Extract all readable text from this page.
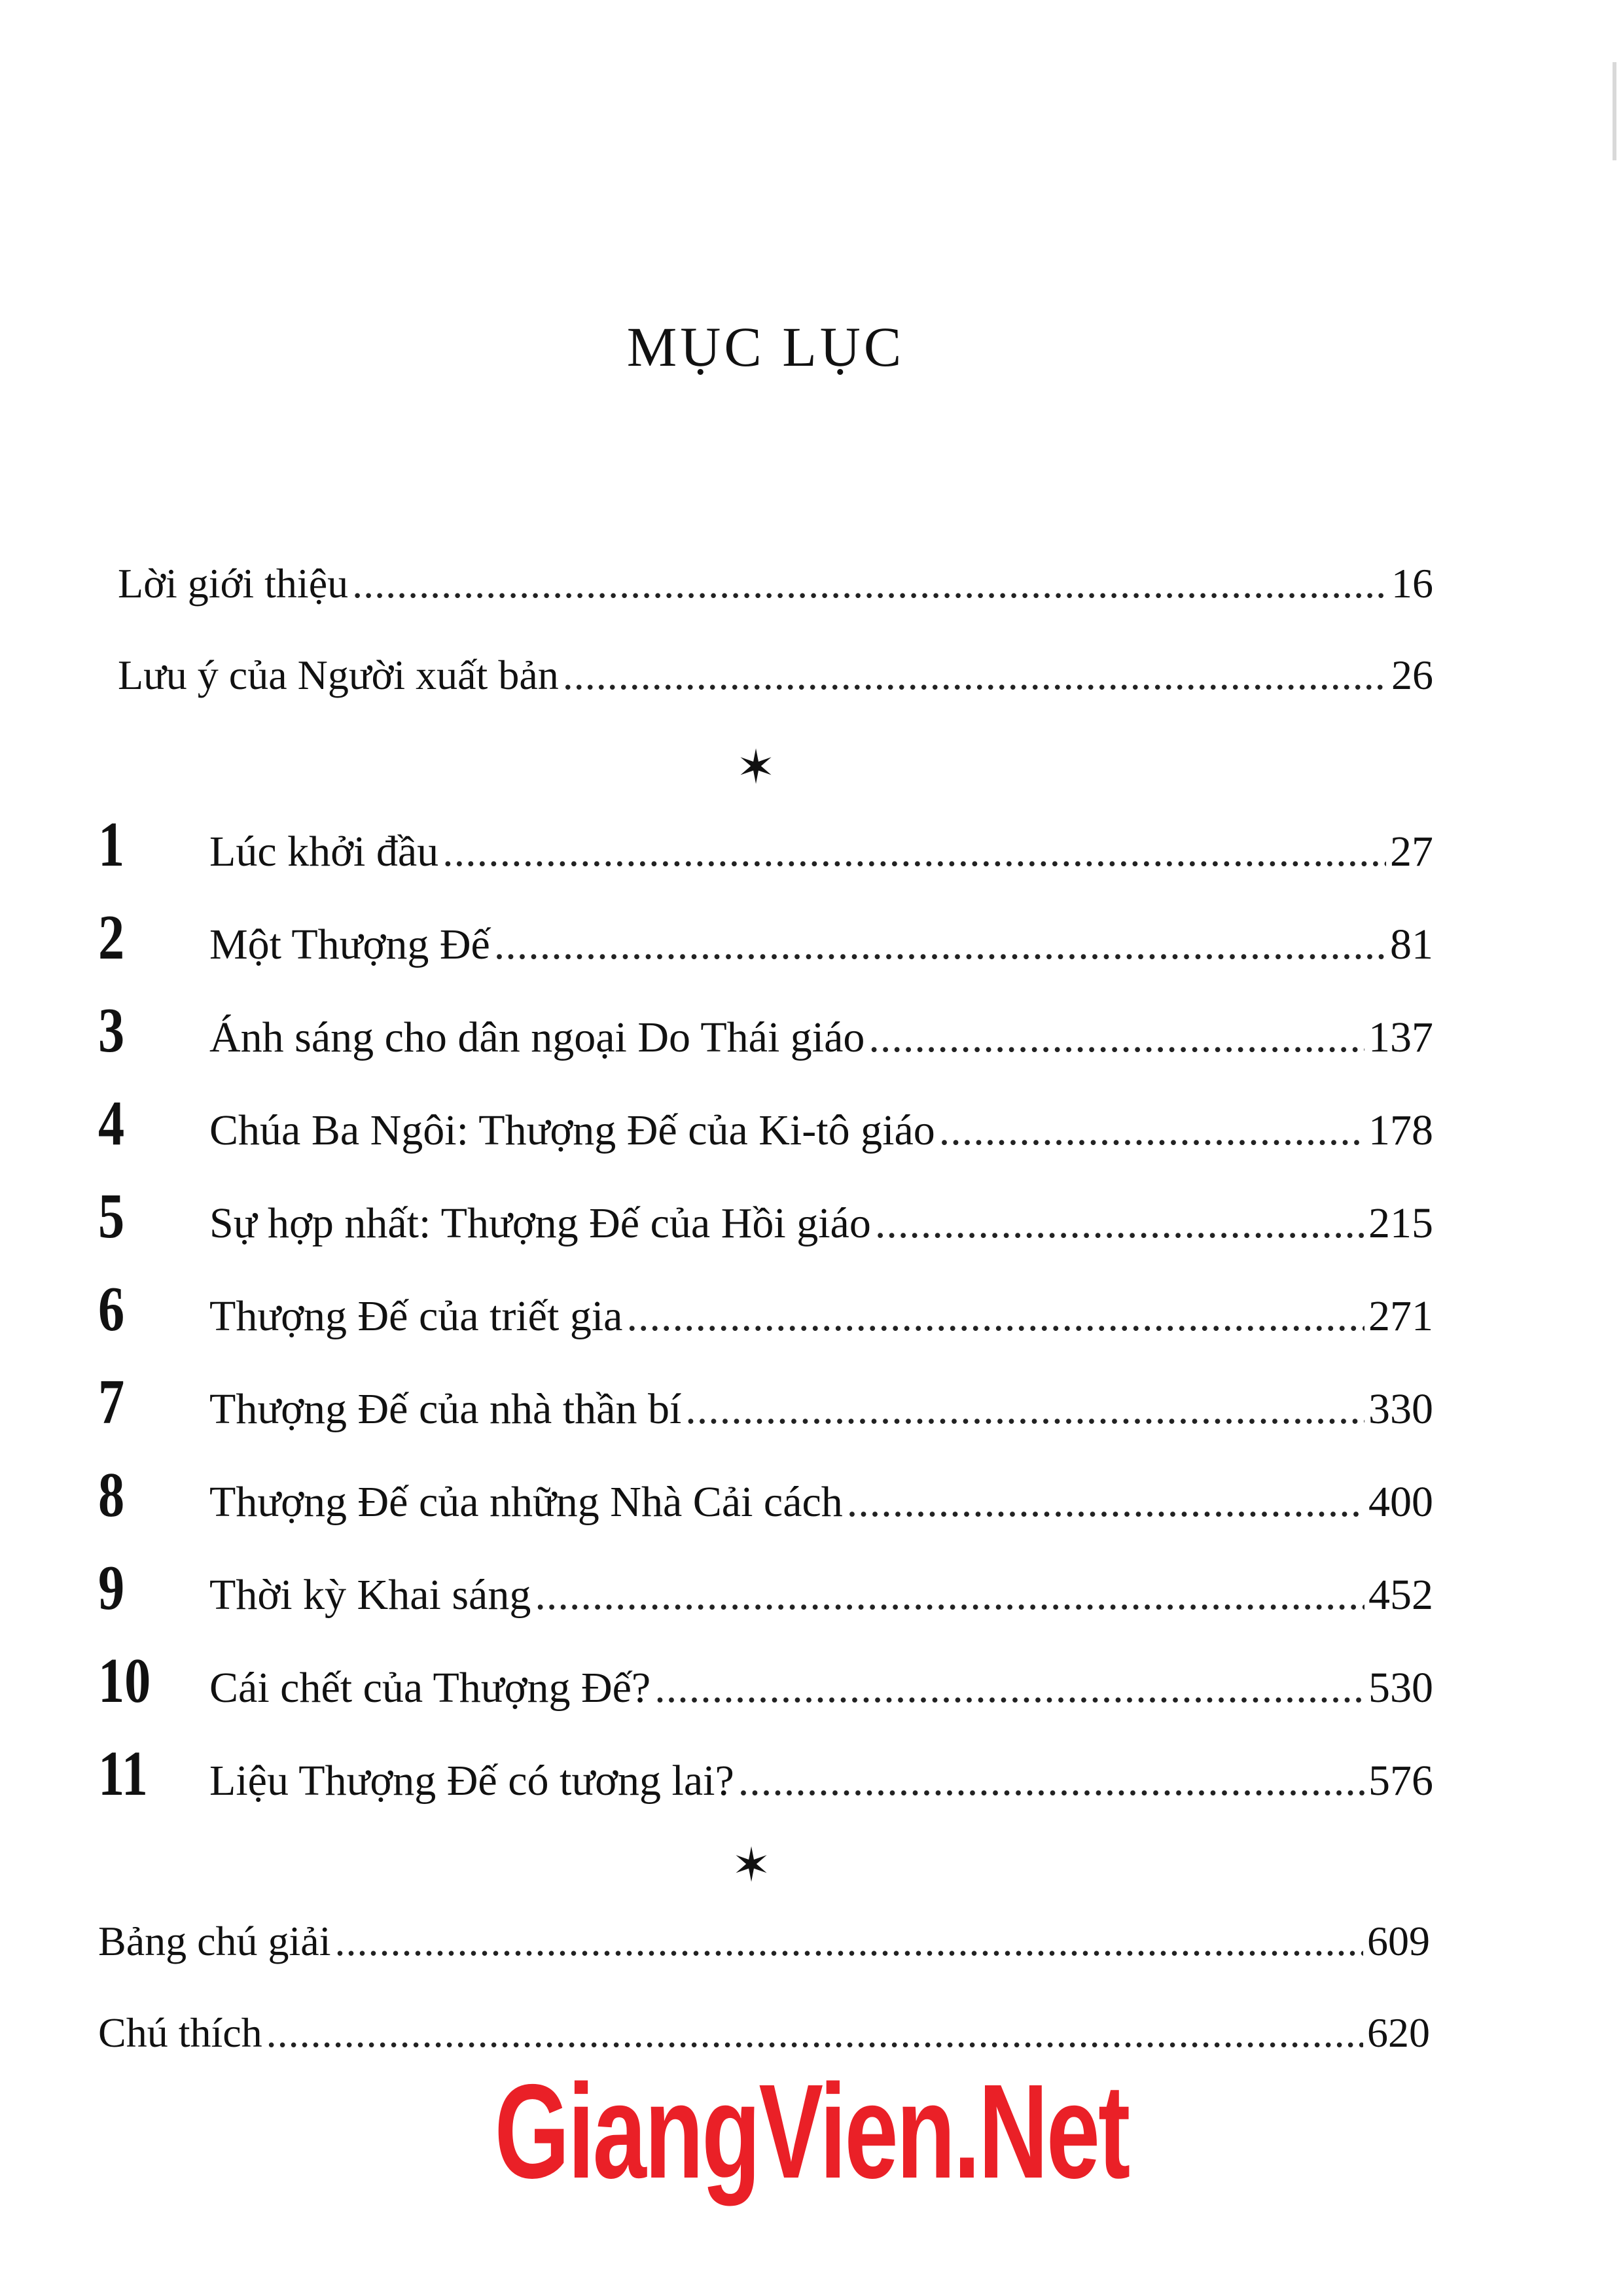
MỤC LỤC
Lời giới thiệu .....	16
Lưu ý của Người xuất bản .....	26
✶
1	Lúc khởi đầu .....	27
2	Một Thượng Đế .....	81
3	Ánh sáng cho dân ngoại Do Thái giáo .....	137
4	Chúa Ba Ngôi: Thượng Đế của Ki-tô giáo .....	178
5	Sự hợp nhất: Thượng Đế của Hồi giáo .....	215
6	Thượng Đế của triết gia .....	271
7	Thượng Đế của nhà thần bí .....	330
8	Thượng Đế của những Nhà Cải cách .....	400
9	Thời kỳ Khai sáng .....	452
10	Cái chết của Thượng Đế? .....	530
11	Liệu Thượng Đế có tương lai? .....	576
✶
Bảng chú giải .....	609
Chú thích .....	620
GiangVien.Net
